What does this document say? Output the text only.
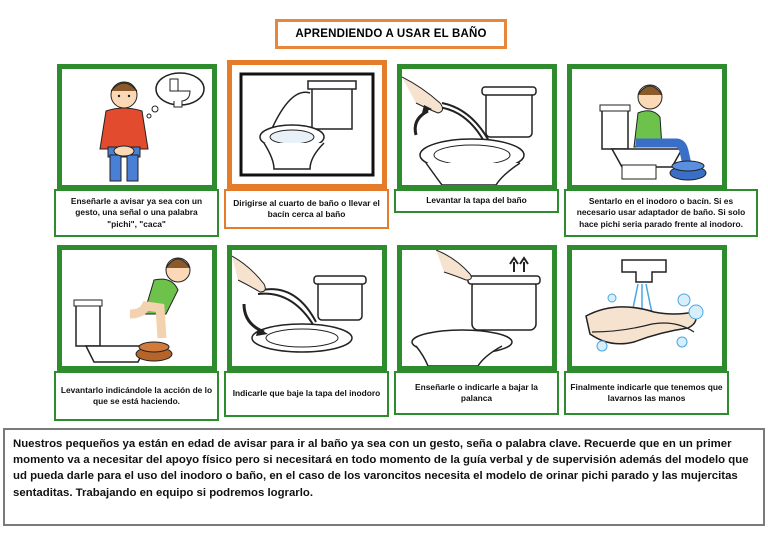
APRENDIENDO A USAR EL BAÑO
Enseñarle a avisar ya sea con un gesto, una señal o una palabra "pichi", "caca"
Dirigirse al cuarto de baño o llevar el bacín cerca al baño
Levantar la tapa del baño	Sentarlo en el inodoro o bacín. Si es necesario usar adaptador de baño. Si solo hace pichi seria parado frente al inodoro.
Levantarlo indicándole la acción de lo que se está haciendo.
Indicarle que baje la tapa del inodoro
Enseñarle o indicarle a bajar la palanca
Finalmente indicarle que tenemos que lavarnos las manos
Nuestros pequeños ya están en edad de avisar para ir al baño ya sea con un gesto, seña o palabra clave. Recuerde que en un primer momento va a necesitar del apoyo físico pero si necesitará en todo momento de la guía verbal y de supervisión además del modelo que ud pueda darle para el uso del inodoro o baño, en el caso de los varoncitos necesita el modelo de orinar pichi parado y las mujercitas sentaditas. Trabajando en equipo si podremos lograrlo.
